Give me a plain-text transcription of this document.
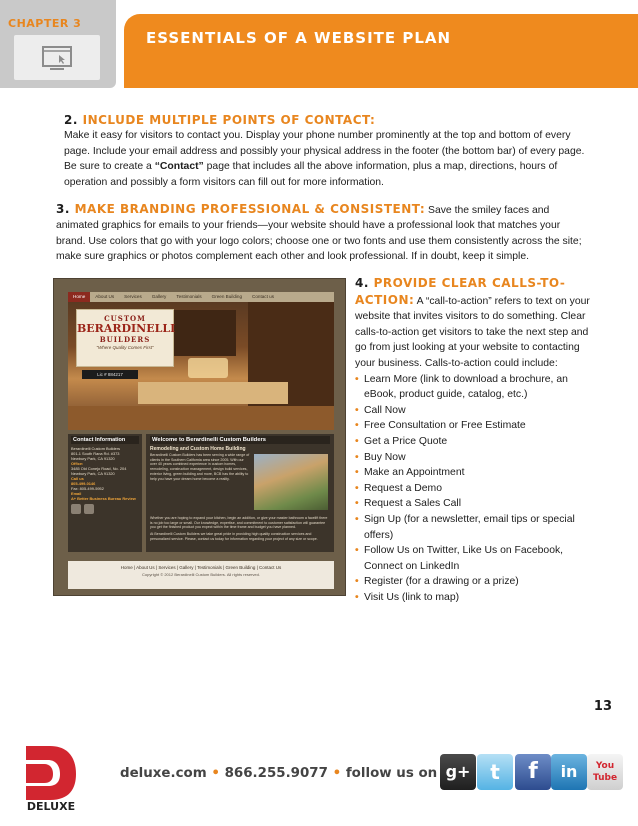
CHAPTER 3
ESSENTIALS OF A WEBSITE PLAN
2. INCLUDE MULTIPLE POINTS OF CONTACT:
Make it easy for visitors to contact you. Display your phone number prominently at the top and bottom of every page. Include your email address and possibly your physical address in the footer (the bottom bar) of every page. Be sure to create a “Contact” page that includes all the above information, plus a map, directions, hours of operation and possibly a form visitors can fill out for more information.
3. MAKE BRANDING PROFESSIONAL & CONSISTENT: Save the smiley faces and animated graphics for emails to your friends—your website should have a professional look that matches your brand. Use colors that go with your logo colors; choose one or two fonts and use them consistently across the site; make sure graphics or photos complement each other and look professional. If in doubt, keep it simple.
Home	About Us	Services	Gallery	Testimonials	Green Building	Contact us
CUSTOM
BERARDINELLI
BUILDERS
"Where Quality Comes First"
Lic # 884217
Contact Information
Berardinelli Custom Builders
801-1 South Rana Rd. #373
Newbury Park, CA 91320
Office:
3485 Old Conejo Road, No. 204
Newbury Park, CA 91320
Call us
805-499-0146
Fax: 805-499-5952
Email
A+ Better Business Bureau Review
Welcome to Berardinelli Custom Builders
Remodeling and Custom Home Building
Berardinelli Custom Builders has been serving a wide range of clients in the Southern California area since 2005. With our over 40 years combined experience in custom homes, remodeling, construction management, design build services, exterior living, green building and more, BCB has the ability to help you have your dream home become a reality.
Whether you are hoping to expand your kitchen, begin an addition, or give your master bathroom a facelift there is no job too large or small. Our knowledge, expertise, and commitment to customer satisfaction will guarantee you get the finished product you expect within the time frame and budget you have planned.
At Berardinelli Custom Builders we take great pride in providing high quality construction services and personalized service. Please, contact us today for information regarding your project of any size or scope.
Home | About Us | Services | Gallery | Testimonials | Green Building | Contact Us
Copyright © 2012 Berardinelli Custom Builders. All rights reserved.
4. PROVIDE CLEAR CALLS-TO-ACTION: A “call-to-action” refers to text on your website that invites visitors to do something. Clear calls-to-action get visitors to take the next step and go from just looking at your website to contacting your business. Calls-to-action could include:
• Learn More (link to download a brochure, an eBook, product guide, catalog, etc.)
• Call Now
• Free Consultation or Free Estimate
• Get a Price Quote
• Buy Now
• Make an Appointment
• Request a Demo
• Request a Sales Call
• Sign Up (for a newsletter, email tips or special offers)
• Follow Us on Twitter, Like Us on Facebook, Connect on LinkedIn
• Register (for a drawing or a prize)
• Visit Us (link to map)
13
DELUXE
deluxe.com • 866.255.9077 • follow us on g+ t	f	in	You Tube
